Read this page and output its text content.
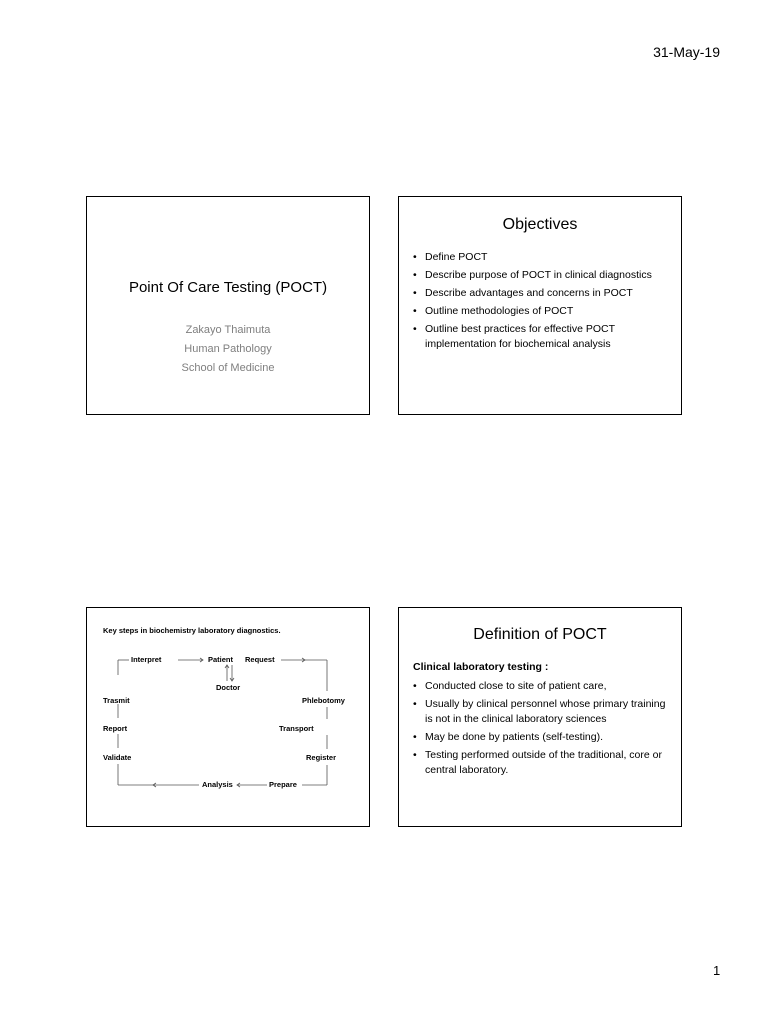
31-May-19
Point Of Care Testing (POCT)
Zakayo Thaimuta
Human Pathology
School of Medicine
Objectives
• Define POCT
• Describe purpose of POCT in clinical diagnostics
• Describe advantages and concerns in POCT
• Outline methodologies of POCT
• Outline best practices for effective POCT implementation for biochemical analysis
Key steps in biochemistry laboratory diagnostics.
Interpret	Patient Request
Doctor
Trasmit	Phlebotomy
Report	Transport
Validate	Register
Analysis	Prepare
Definition of POCT
Clinical laboratory testing :
• Conducted close to site of patient care,
• Usually by clinical personnel whose primary training is not in the clinical laboratory sciences
• May be done by patients (self-testing).
• Testing performed outside of the traditional, core or central laboratory.
1
